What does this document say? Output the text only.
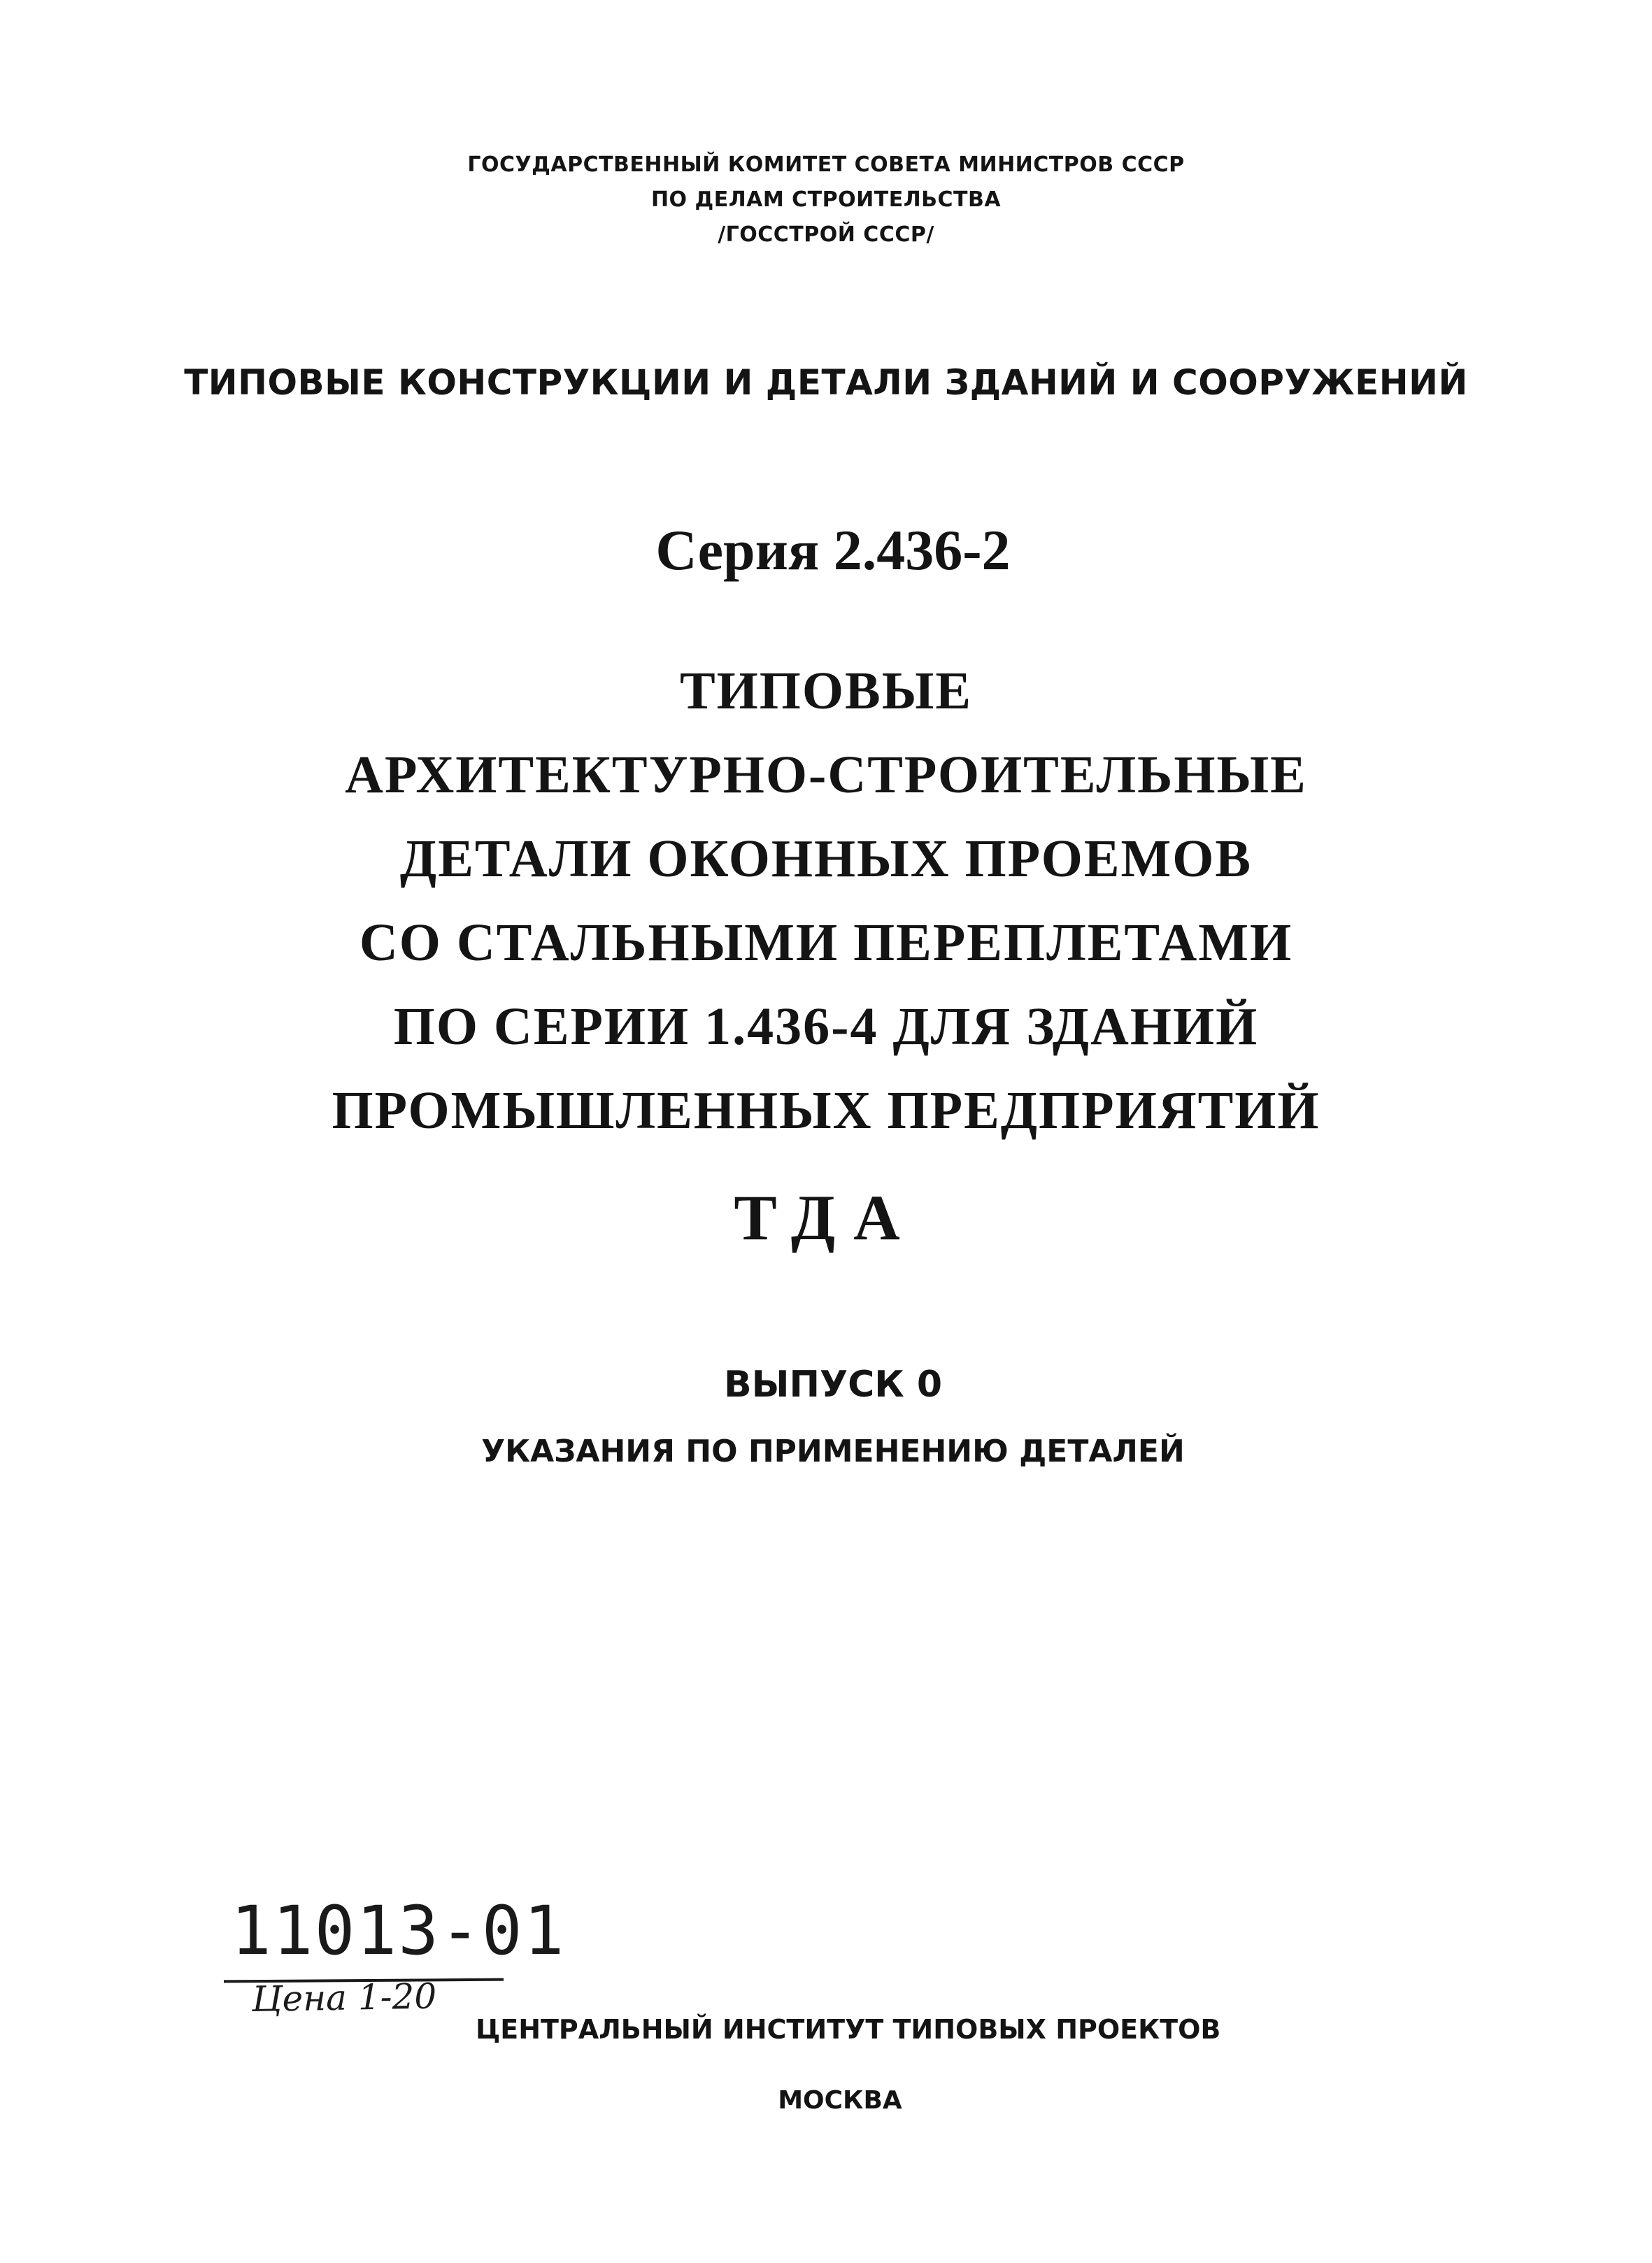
ГОСУДАРСТВЕННЫЙ КОМИТЕТ СОВЕТА МИНИСТРОВ СССР

ПО ДЕЛАМ СТРОИТЕЛЬСТВА

/ГОССТРОЙ СССР/

ТИПОВЫЕ КОНСТРУКЦИИ И ДЕТАЛИ ЗДАНИЙ И СООРУЖЕНИЙ

Серия 2.436-2

ТИПОВЫЕ

АРХИТЕКТУРНО-СТРОИТЕЛЬНЫЕ

ДЕТАЛИ ОКОННЫХ ПРОЕМОВ

СО СТАЛЬНЫМИ ПЕРЕПЛЕТАМИ

ПО СЕРИИ 1.436-4 ДЛЯ ЗДАНИЙ

ПРОМЫШЛЕННЫХ ПРЕДПРИЯТИЙ

ТДА

ВЫПУСК 0

УКАЗАНИЯ ПО ПРИМЕНЕНИЮ ДЕТАЛЕЙ

11013-01

Цена 1-20

ЦЕНТРАЛЬНЫЙ ИНСТИТУТ ТИПОВЫХ ПРОЕКТОВ

МОСКВА
